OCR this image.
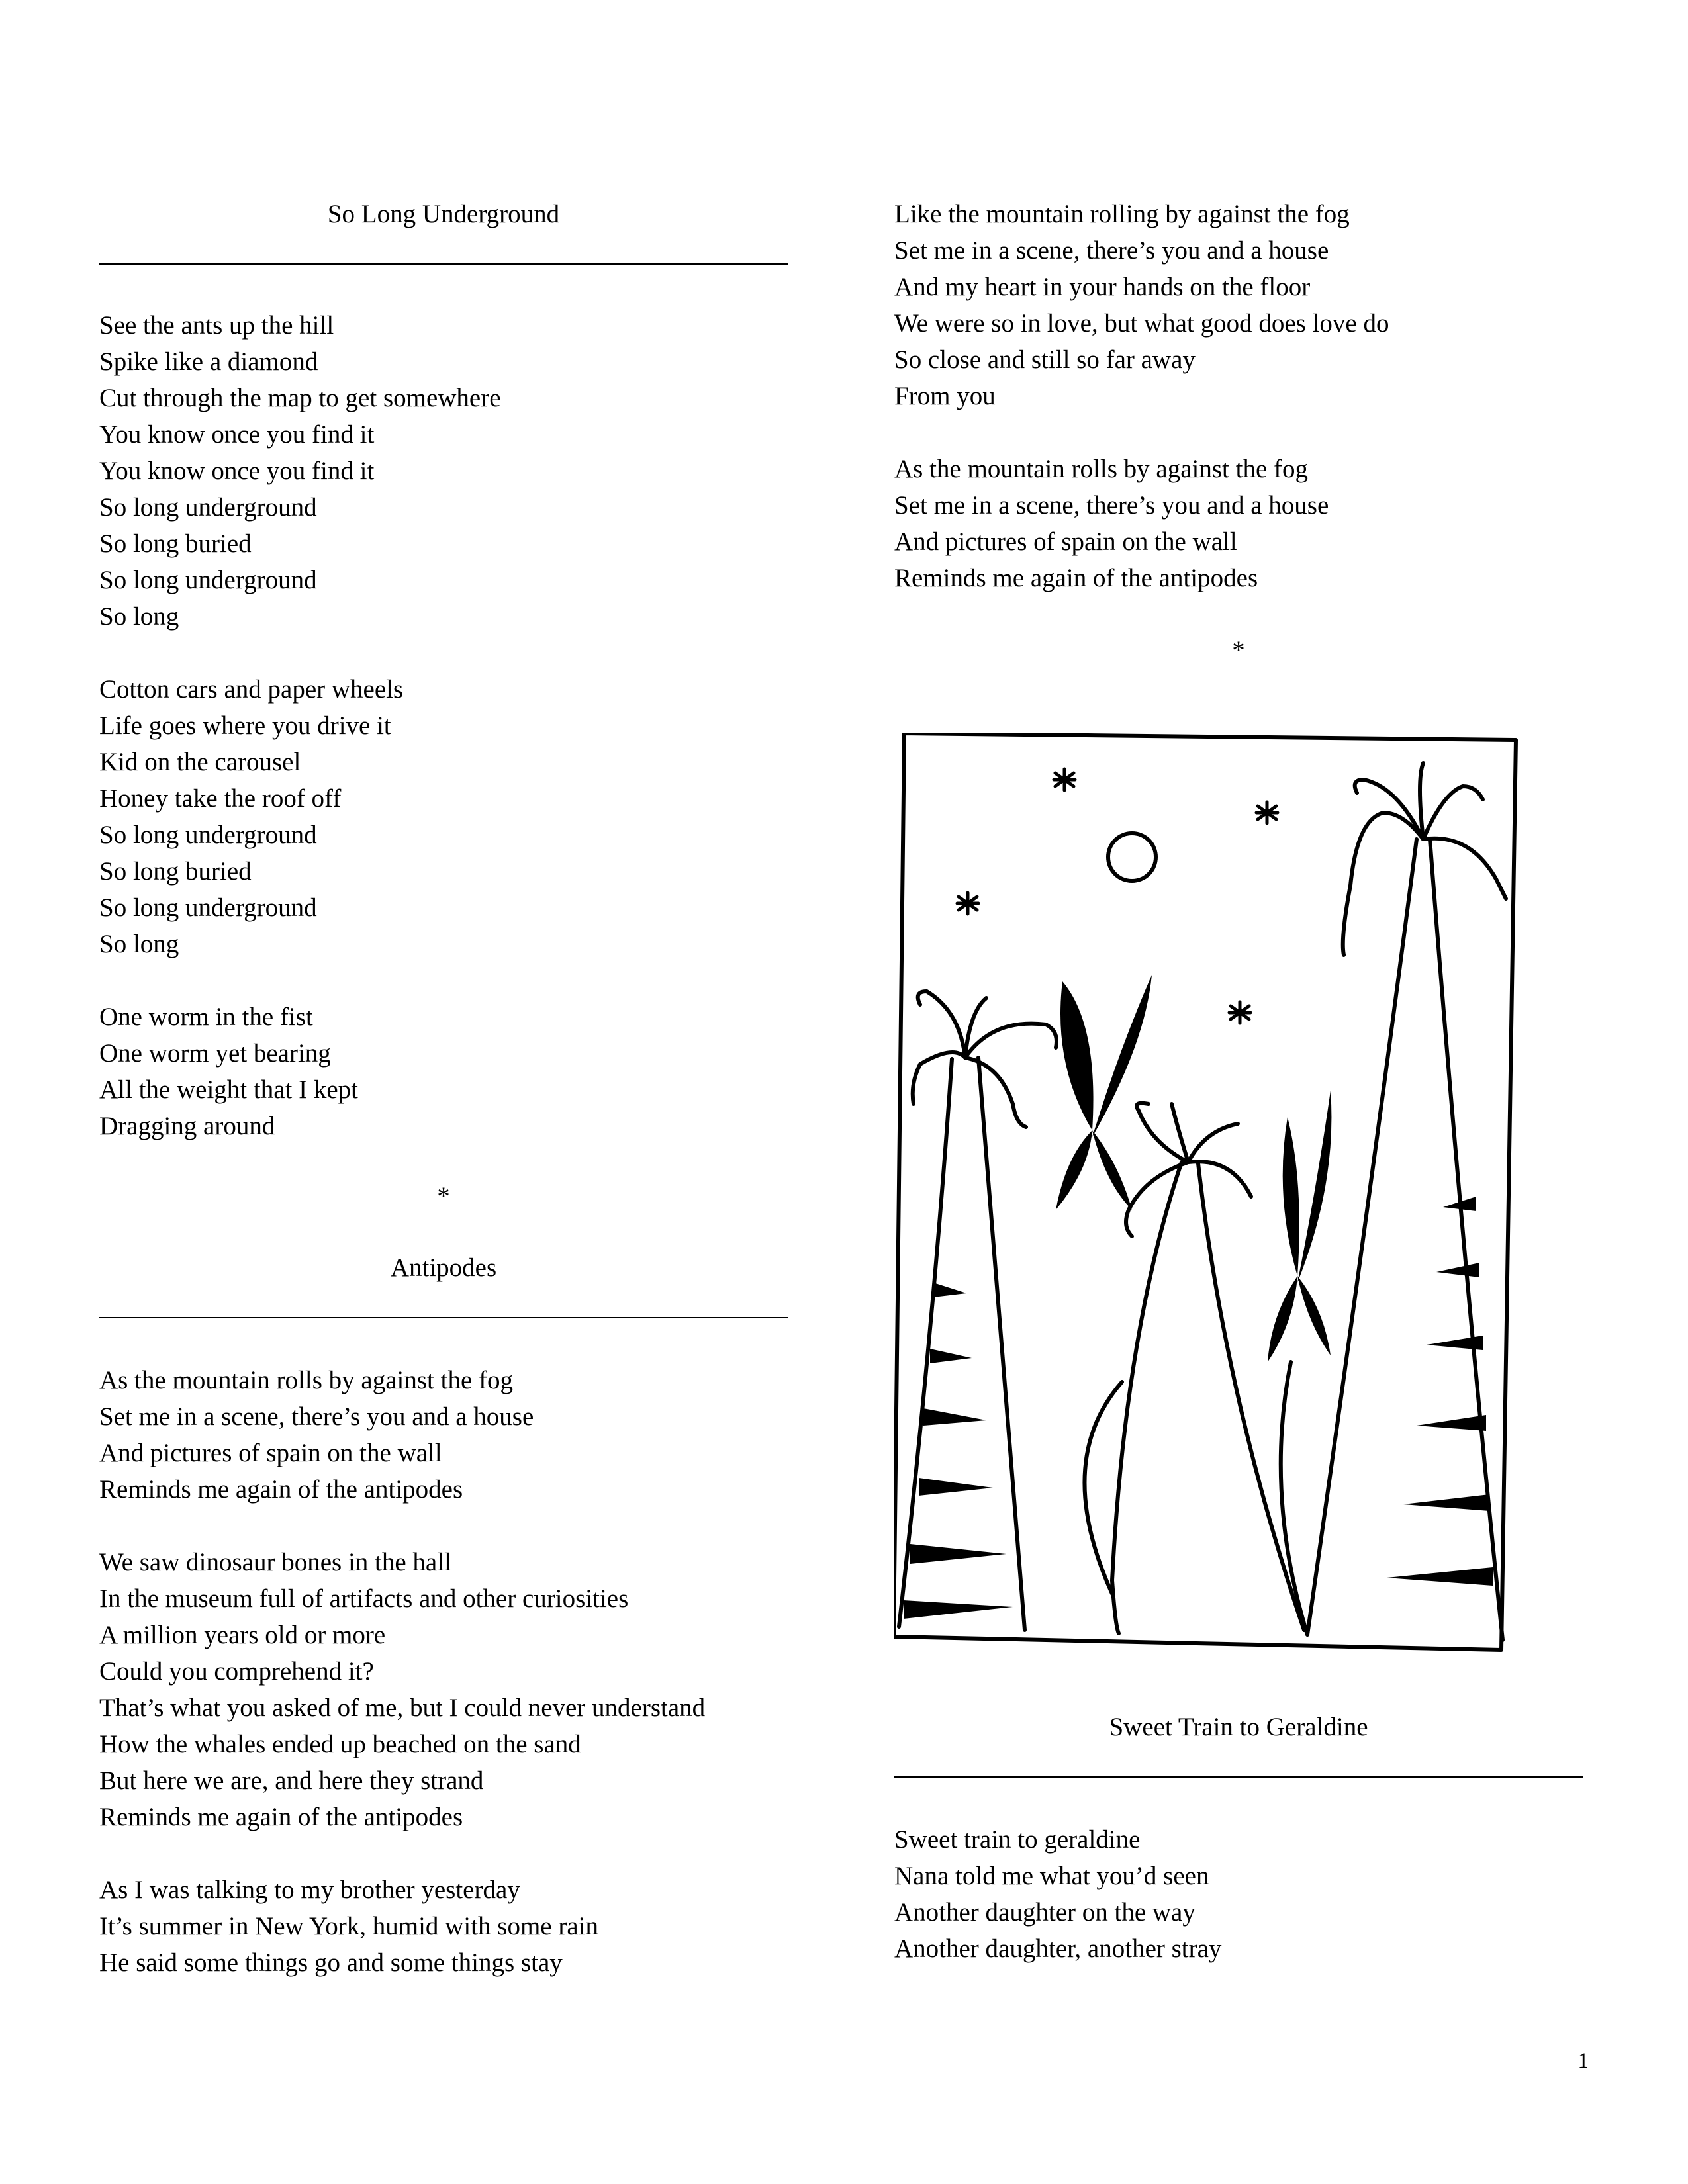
So Long Underground
See the ants up the hill
Spike like a diamond
Cut through the map to get somewhere
You know once you find it
You know once you find it
So long underground
So long buried
So long underground
So long
Cotton cars and paper wheels
Life goes where you drive it
Kid on the carousel
Honey take the roof off
So long underground
So long buried
So long underground
So long
One worm in the fist
One worm yet bearing
All the weight that I kept
Dragging around
*
Antipodes
As the mountain rolls by against the fog
Set me in a scene, there’s you and a house
And pictures of spain on the wall
Reminds me again of the antipodes
We saw dinosaur bones in the hall
In the museum full of artifacts and other curiosities
A million years old or more
Could you comprehend it?
That’s what you asked of me, but I could never understand
How the whales ended up beached on the sand
But here we are, and here they strand
Reminds me again of the antipodes
As I was talking to my brother yesterday
It’s summer in New York, humid with some rain
He said some things go and some things stay
Like the mountain rolling by against the fog
Set me in a scene, there’s you and a house
And my heart in your hands on the floor
We were so in love, but what good does love do
So close and still so far away
From you
As the mountain rolls by against the fog
Set me in a scene, there’s you and a house
And pictures of spain on the wall
Reminds me again of the antipodes
*
Sweet Train to Geraldine
Sweet train to geraldine
Nana told me what you’d seen
Another daughter on the way
Another daughter, another stray
1
